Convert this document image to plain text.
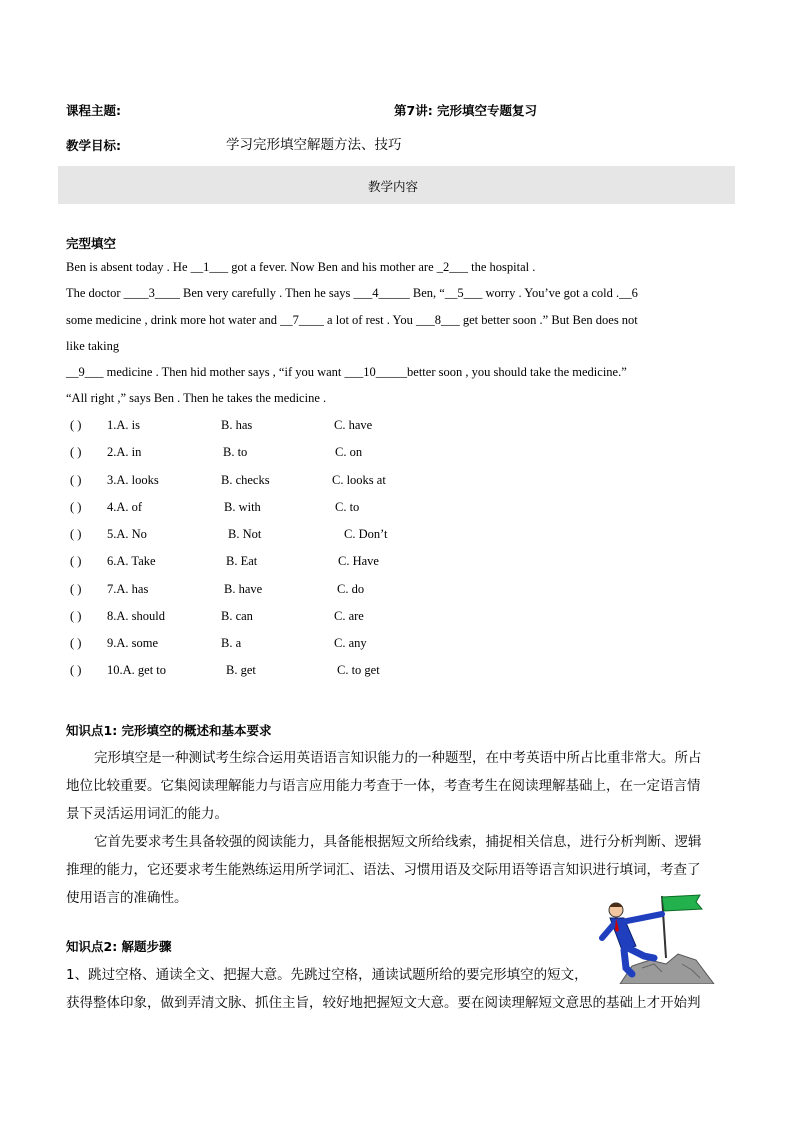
课程主题:	第7讲: 完形填空专题复习
教学目标:	学习完形填空解题方法、技巧
教学内容
完型填空
Ben is absent today . He __1___ got a fever. Now Ben and his mother are _2___ the hospital .
The doctor ____3____ Ben very carefully . Then he says ___4_____ Ben, “__5___ worry . You’ve got a cold .__6
some medicine , drink more hot water and __7____ a lot of rest . You ___8___ get better soon .” But Ben does not
like taking
__9___ medicine . Then hid mother says , “if you want ___10_____better soon , you should take the medicine.”
“All right ,” says Ben . Then he takes the medicine .
( ) 1.A. is	B. has	C. have
( ) 2.A. in	B. to	C. on
( ) 3.A. looks	B. checks	C. looks at
( ) 4.A. of	B. with	C. to
( ) 5.A. No	B. Not	C. Don’t
( ) 6.A. Take	B. Eat	C. Have
( ) 7.A. has	B. have	C. do
( ) 8.A. should	B. can	C. are
( ) 9.A. some	B. a	C. any
( ) 10.A. get to	B. get	C. to get
知识点1: 完形填空的概述和基本要求
完形填空是一种测试考生综合运用英语语言知识能力的一种题型，在中考英语中所占比重非常大。所占
地位比较重要。它集阅读理解能力与语言应用能力考查于一体，考查考生在阅读理解基础上，在一定语言情
景下灵活运用词汇的能力。
它首先要求考生具备较强的阅读能力，具备能根据短文所给线索，捕捉相关信息，进行分析判断、逻辑
推理的能力，它还要求考生能熟练运用所学词汇、语法、习惯用语及交际用语等语言知识进行填词，考查了
使用语言的准确性。
知识点2: 解题步骤
1、跳过空格、通读全文、把握大意。先跳过空格，通读试题所给的要完形填空的短文，
获得整体印象，做到弄清文脉、抓住主旨，较好地把握短文大意。要在阅读理解短文意思的基础上才开始判
